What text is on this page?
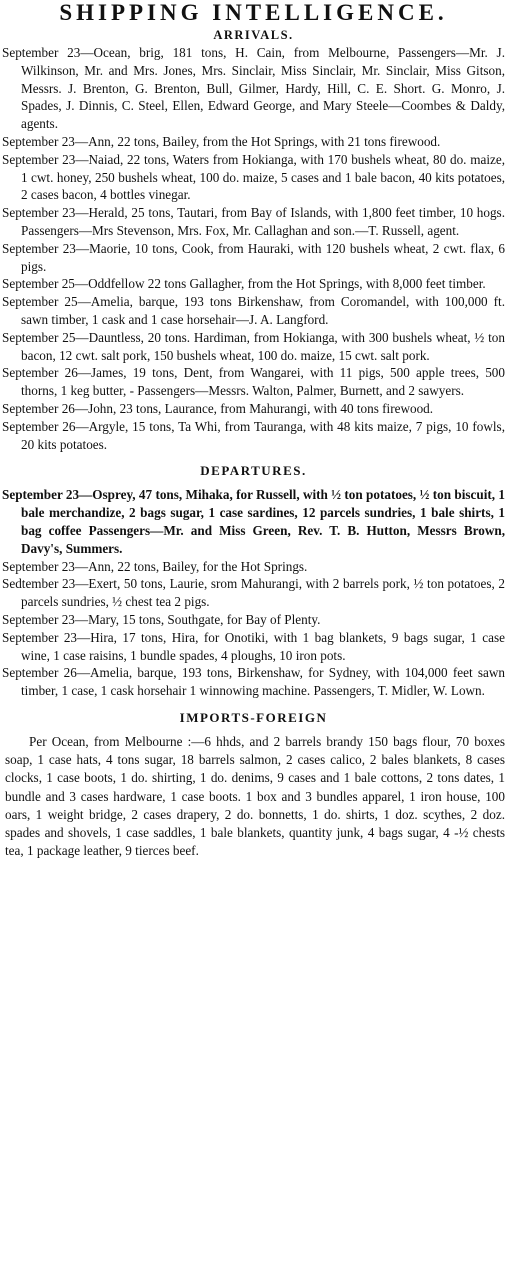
SHIPPING INTELLIGENCE.
ARRIVALS.

September 23—Ocean, brig, 181 tons, H. Cain, from Melbourne, Passengers—Mr. J. Wilkinson, Mr. and Mrs. Jones, Mrs. Sinclair, Miss Sinclair, Mr. Sinclair, Miss Gitson, Messrs. J. Brenton, G. Brenton, Bull, Gilmer, Hardy, Hill, C. E. Short. G. Monro, J. Spades, J. Dinnis, C. Steel, Ellen, Edward George, and Mary Steele—Coombes & Daldy, agents.

September 23—Ann, 22 tons, Bailey, from the Hot Springs, with 21 tons firewood.

September 23—Naiad, 22 tons, Waters from Hokianga, with 170 bushels wheat, 80 do. maize, 1 cwt. honey, 250 bushels wheat, 100 do. maize, 5 cases and 1 bale bacon, 40 kits potatoes, 2 cases bacon, 4 bottles vinegar.

September 23—Herald, 25 tons, Tautari, from Bay of Islands, with 1,800 feet timber, 10 hogs. Passengers—Mrs Stevenson, Mrs. Fox, Mr. Callaghan and son.—T. Russell, agent.

September 23—Maorie, 10 tons, Cook, from Hauraki, with 120 bushels wheat, 2 cwt. flax, 6 pigs.

September 25—Oddfellow 22 tons Gallagher, from the Hot Springs, with 8,000 feet timber.

September 25—Amelia, barque, 193 tons Birkenshaw, from Coromandel, with 100,000 ft. sawn timber, 1 cask and 1 case horsehair—J. A. Langford.

September 25—Dauntless, 20 tons. Hardiman, from Hokianga, with 300 bushels wheat, ½ ton bacon, 12 cwt. salt pork, 150 bushels wheat, 100 do. maize, 15 cwt. salt pork.

September 26—James, 19 tons, Dent, from Wangarei, with 11 pigs, 500 apple trees, 500 thorns, 1 keg butter, - Passengers—Messrs. Walton, Palmer, Burnett, and 2 sawyers.

September 26—John, 23 tons, Laurance, from Mahurangi, with 40 tons firewood.

September 26—Argyle, 15 tons, Ta Whi, from Tauranga, with 48 kits maize, 7 pigs, 10 fowls, 20 kits potatoes.

DEPARTURES.

September 23—Osprey, 47 tons, Mihaka, for Russell, with ½ ton potatoes, ½ ton biscuit, 1 bale merchandize, 2 bags sugar, 1 case sardines, 12 parcels sundries, 1 bale shirts, 1 bag coffee Passengers—Mr. and Miss Green, Rev. T. B. Hutton, Messrs Brown, Davy's, Summers.

September 23—Ann, 22 tons, Bailey, for the Hot Springs.

Sedtember 23—Exert, 50 tons, Laurie, srom Mahurangi, with 2 barrels pork, ½ ton potatoes, 2 parcels sundries, ½ chest tea 2 pigs.

September 23—Mary, 15 tons, Southgate, for Bay of Plenty.

September 23—Hira, 17 tons, Hira, for Onotiki, with 1 bag blankets, 9 bags sugar, 1 case wine, 1 case raisins, 1 bundle spades, 4 ploughs, 10 iron pots.

September 26—Amelia, barque, 193 tons, Birkenshaw, for Sydney, with 104,000 feet sawn timber, 1 case, 1 cask horsehair 1 winnowing machine. Passengers, T. Midler, W. Lown.

IMPORTS-FOREIGN

Per Ocean, from Melbourne :—6 hhds, and 2 barrels brandy 150 bags flour, 70 boxes soap, 1 case hats, 4 tons sugar, 18 barrels salmon, 2 cases calico, 2 bales blankets, 8 cases clocks, 1 case boots, 1 do. shirting, 1 do. denims, 9 cases and 1 bale cottons, 2 tons dates, 1 bundle and 3 cases hardware, 1 case boots. 1 box and 3 bundles apparel, 1 iron house, 100 oars, 1 weight bridge, 2 cases drapery, 2 do. bonnetts, 1 do. shirts, 1 doz. scythes, 2 doz. spades and shovels, 1 case saddles, 1 bale blankets, quantity junk, 4 bags sugar, 4 -½ chests tea, 1 package leather, 9 tierces beef.
